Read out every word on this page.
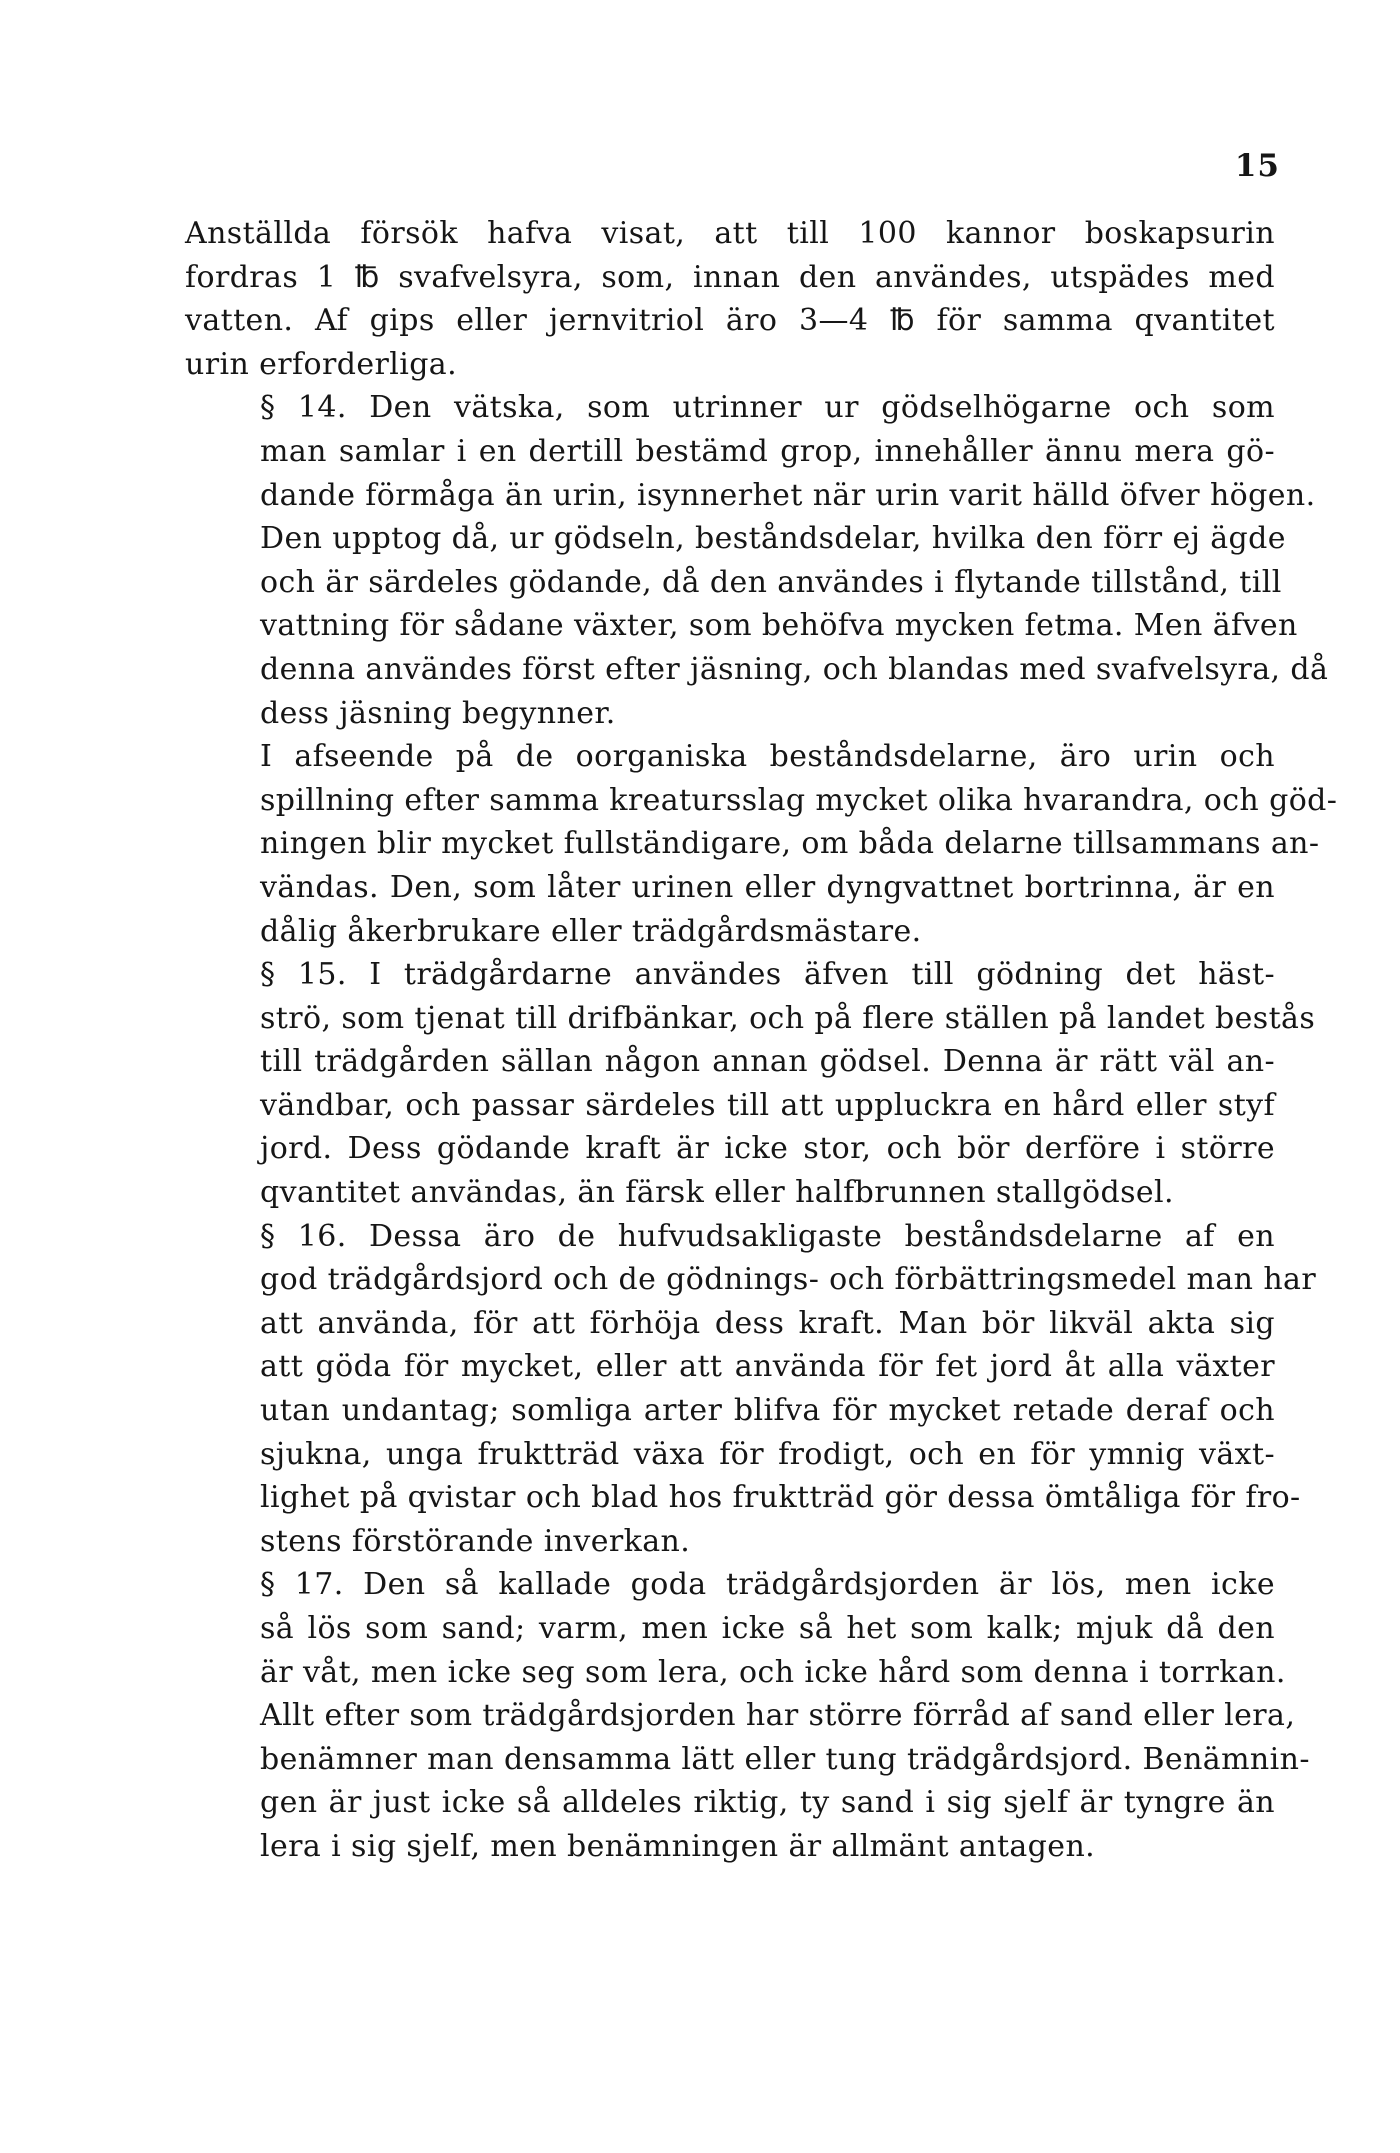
15

Anställda försök hafva visat, att till 100 kannor boskapsurin
fordras 1 ℔ svafvelsyra, som, innan den användes, utspädes med
vatten. Af gips eller jernvitriol äro 3—4 ℔ för samma qvantitet
urin erforderliga.

§ 14. Den vätska, som utrinner ur gödselhögarne och som
man samlar i en dertill bestämd grop, innehåller ännu mera gö-
dande förmåga än urin, isynnerhet när urin varit hälld öfver högen.
Den upptog då, ur gödseln, beståndsdelar, hvilka den förr ej ägde
och är särdeles gödande, då den användes i flytande tillstånd, till
vattning för sådane växter, som behöfva mycken fetma. Men äfven
denna användes först efter jäsning, och blandas med svafvelsyra, då
dess jäsning begynner.

I afseende på de oorganiska beståndsdelarne, äro urin och
spillning efter samma kreatursslag mycket olika hvarandra, och göd-
ningen blir mycket fullständigare, om båda delarne tillsammans an-
vändas. Den, som låter urinen eller dyngvattnet bortrinna, är en
dålig åkerbrukare eller trädgårdsmästare.

§ 15. I trädgårdarne användes äfven till gödning det häst-
strö, som tjenat till drifbänkar, och på flere ställen på landet bestås
till trädgården sällan någon annan gödsel. Denna är rätt väl an-
vändbar, och passar särdeles till att uppluckra en hård eller styf
jord. Dess gödande kraft är icke stor, och bör derföre i större
qvantitet användas, än färsk eller halfbrunnen stallgödsel.

§ 16. Dessa äro de hufvudsakligaste beståndsdelarne af en
god trädgårdsjord och de gödnings- och förbättringsmedel man har
att använda, för att förhöja dess kraft. Man bör likväl akta sig
att göda för mycket, eller att använda för fet jord åt alla växter
utan undantag; somliga arter blifva för mycket retade deraf och
sjukna, unga fruktträd växa för frodigt, och en för ymnig växt-
lighet på qvistar och blad hos fruktträd gör dessa ömtåliga för fro-
stens förstörande inverkan.

§ 17. Den så kallade goda trädgårdsjorden är lös, men icke
så lös som sand; varm, men icke så het som kalk; mjuk då den
är våt, men icke seg som lera, och icke hård som denna i torrkan.
Allt efter som trädgårdsjorden har större förråd af sand eller lera,
benämner man densamma lätt eller tung trädgårdsjord. Benämnin-
gen är just icke så alldeles riktig, ty sand i sig sjelf är tyngre än
lera i sig sjelf, men benämningen är allmänt antagen.
